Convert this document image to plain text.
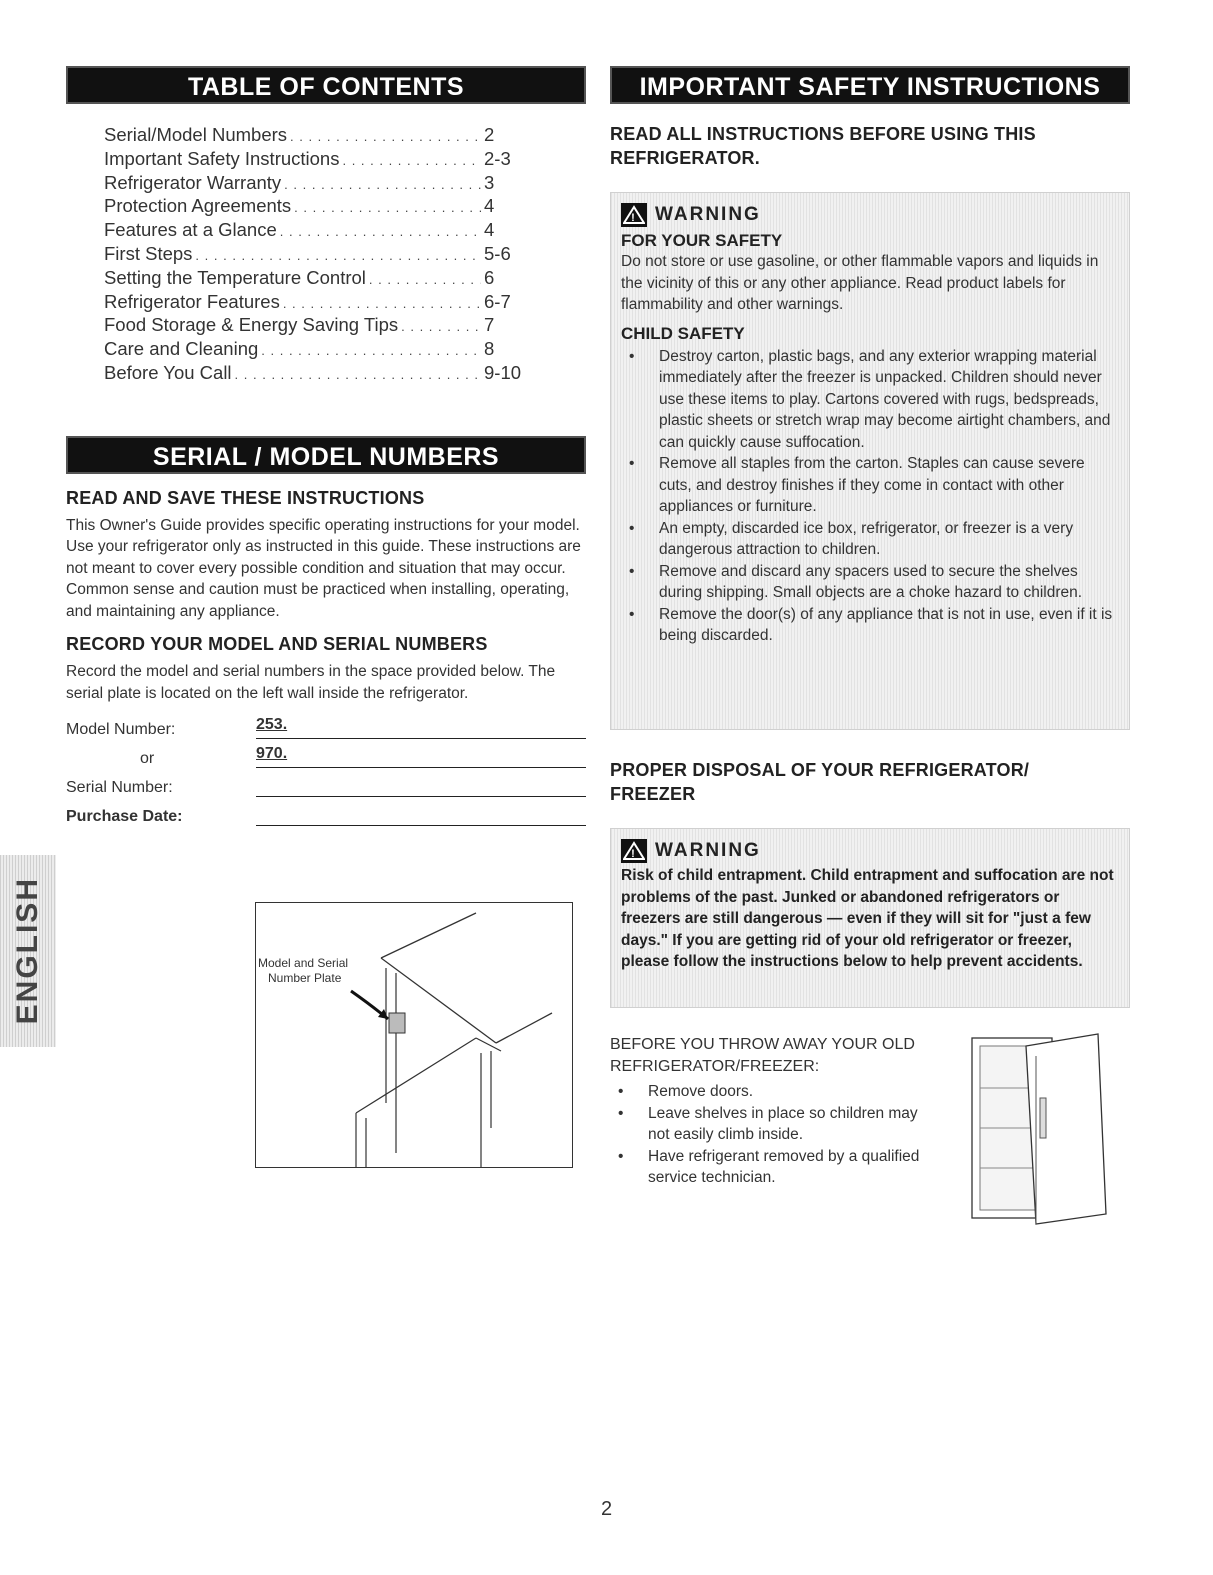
TABLE OF CONTENTS
Serial/Model Numbers . . .	2
Important Safety Instructions . . .	2-3
Refrigerator Warranty . . .	3
Protection Agreements . . .	4
Features at a Glance . . .	4
First Steps . . .	5-6
Setting the Temperature Control . . .	6
Refrigerator Features . . .	6-7
Food Storage & Energy Saving Tips . . .	7
Care and Cleaning . . .	8
Before You Call . . .	9-10
SERIAL / MODEL NUMBERS
READ AND SAVE THESE INSTRUCTIONS
This Owner's Guide provides specific operating instructions for your model. Use your refrigerator only as instructed in this guide. These instructions are not meant to cover every possible condition and situation that may occur. Common sense and caution must be practiced when installing, operating, and maintaining any appliance.
RECORD YOUR MODEL AND SERIAL NUMBERS
Record the model and serial numbers in the space provided below. The serial plate is located on the left wall inside the refrigerator.
Model Number:	253.
or	970.
Serial Number:
Purchase Date:
Model and Serial
Number Plate
IMPORTANT SAFETY INSTRUCTIONS
READ ALL INSTRUCTIONS BEFORE USING THIS REFRIGERATOR.
! WARNING
FOR YOUR SAFETY
Do not store or use gasoline, or other flammable vapors and liquids in the vicinity of this or any other appliance. Read product labels for flammability and other warnings.
CHILD SAFETY
• Destroy carton, plastic bags, and any exterior wrapping material immediately after the freezer is unpacked. Children should never use these items to play. Cartons covered with rugs, bedspreads, plastic sheets or stretch wrap may become airtight chambers, and can quickly cause suffocation.
• Remove all staples from the carton. Staples can cause severe cuts, and destroy finishes if they come in contact with other appliances or furniture.
• An empty, discarded ice box, refrigerator, or freezer is a very dangerous attraction to children.
• Remove and discard any spacers used to secure the shelves during shipping. Small objects are a choke hazard to children.
• Remove the door(s) of any appliance that is not in use, even if it is being discarded.
PROPER DISPOSAL OF YOUR REFRIGERATOR/ FREEZER
! WARNING
Risk of child entrapment. Child entrapment and suffocation are not problems of the past. Junked or abandoned refrigerators or freezers are still dangerous — even if they will sit for "just a few days." If you are getting rid of your old refrigerator or freezer, please follow the instructions below to help prevent accidents.
BEFORE YOU THROW AWAY YOUR OLD REFRIGERATOR/FREEZER:
• Remove doors.
• Leave shelves in place so children may not easily climb inside.
• Have refrigerant removed by a qualified service technician.
ENGLISH
2
